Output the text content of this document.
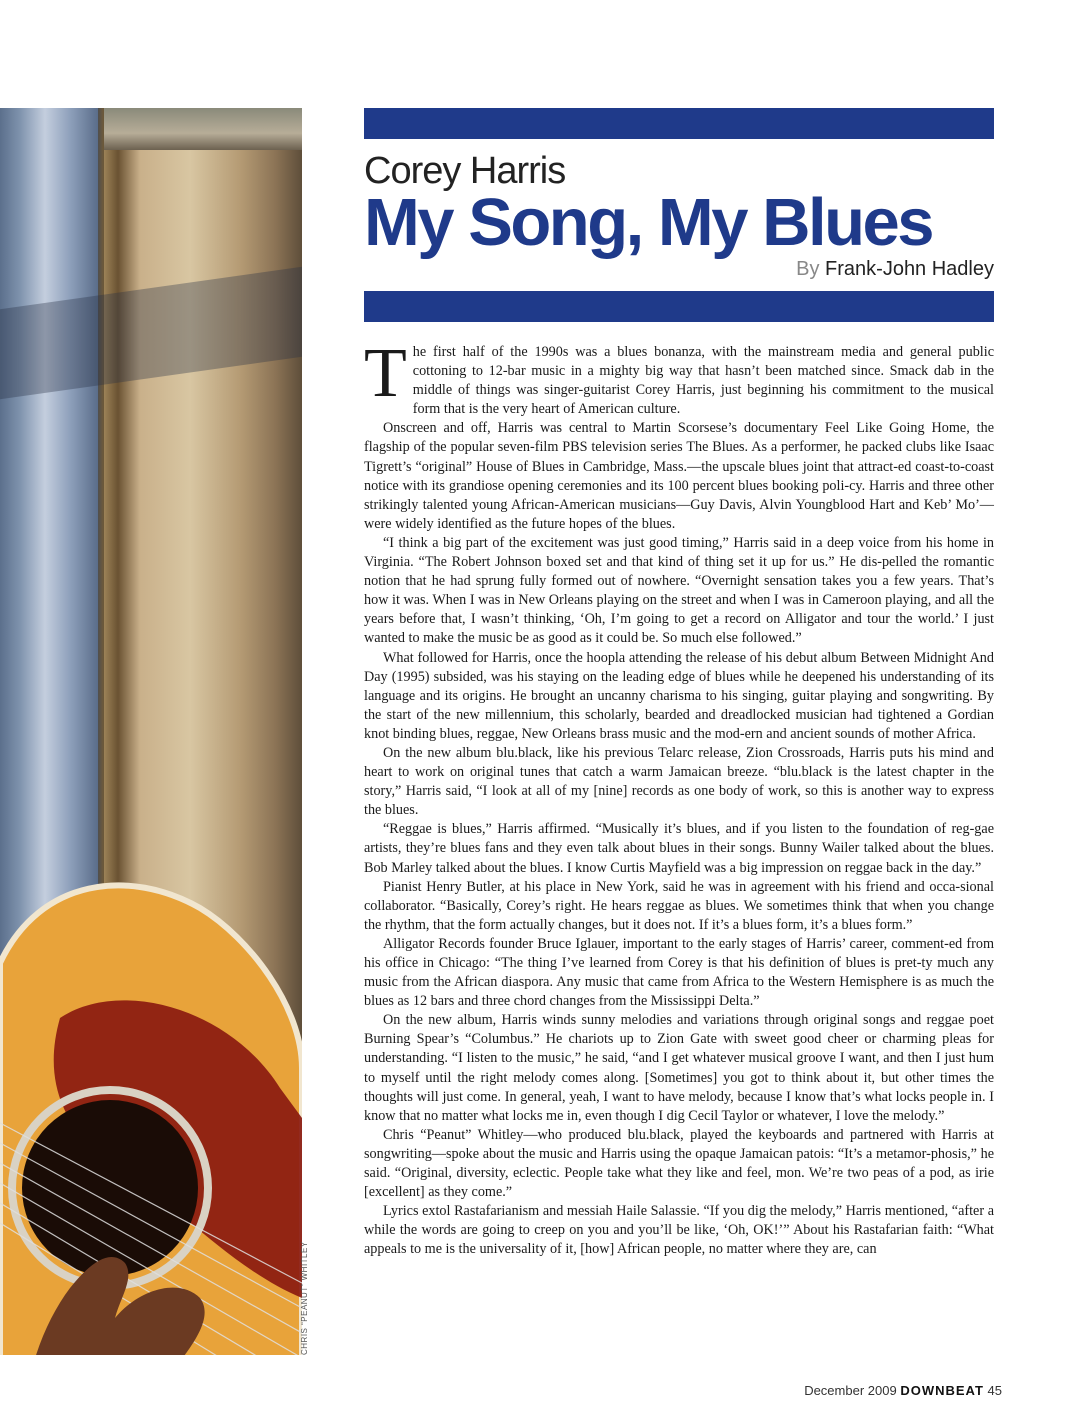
CHRIS “PEANUT” WHITLEY
Corey Harris
My Song, My Blues
By Frank-John Hadley

The first half of the 1990s was a blues bonanza, with the mainstream media and general public cottoning to 12-bar music in a mighty big way that hasn’t been matched since. Smack dab in the middle of things was singer-guitarist Corey Harris, just beginning his commitment to the musical form that is the very heart of American culture.

Onscreen and off, Harris was central to Martin Scorsese’s documentary Feel Like Going Home, the flagship of the popular seven-film PBS television series The Blues. As a performer, he packed clubs like Isaac Tigrett’s “original” House of Blues in Cambridge, Mass.—the upscale blues joint that attract-ed coast-to-coast notice with its grandiose opening ceremonies and its 100 percent blues booking poli-cy. Harris and three other strikingly talented young African-American musicians—Guy Davis, Alvin Youngblood Hart and Keb’ Mo’—were widely identified as the future hopes of the blues.

“I think a big part of the excitement was just good timing,” Harris said in a deep voice from his home in Virginia. “The Robert Johnson boxed set and that kind of thing set it up for us.” He dis-pelled the romantic notion that he had sprung fully formed out of nowhere. “Overnight sensation takes you a few years. That’s how it was. When I was in New Orleans playing on the street and when I was in Cameroon playing, and all the years before that, I wasn’t thinking, ‘Oh, I’m going to get a record on Alligator and tour the world.’ I just wanted to make the music be as good as it could be. So much else followed.”

What followed for Harris, once the hoopla attending the release of his debut album Between Midnight And Day (1995) subsided, was his staying on the leading edge of blues while he deepened his understanding of its language and its origins. He brought an uncanny charisma to his singing, guitar playing and songwriting. By the start of the new millennium, this scholarly, bearded and dreadlocked musician had tightened a Gordian knot binding blues, reggae, New Orleans brass music and the mod-ern and ancient sounds of mother Africa.

On the new album blu.black, like his previous Telarc release, Zion Crossroads, Harris puts his mind and heart to work on original tunes that catch a warm Jamaican breeze. “blu.black is the latest chapter in the story,” Harris said, “I look at all of my [nine] records as one body of work, so this is another way to express the blues.

“Reggae is blues,” Harris affirmed. “Musically it’s blues, and if you listen to the foundation of reg-gae artists, they’re blues fans and they even talk about blues in their songs. Bunny Wailer talked about the blues. Bob Marley talked about the blues. I know Curtis Mayfield was a big impression on reggae back in the day.”

Pianist Henry Butler, at his place in New York, said he was in agreement with his friend and occa-sional collaborator. “Basically, Corey’s right. He hears reggae as blues. We sometimes think that when you change the rhythm, that the form actually changes, but it does not. If it’s a blues form, it’s a blues form.”

Alligator Records founder Bruce Iglauer, important to the early stages of Harris’ career, comment-ed from his office in Chicago: “The thing I’ve learned from Corey is that his definition of blues is pret-ty much any music from the African diaspora. Any music that came from Africa to the Western Hemisphere is as much the blues as 12 bars and three chord changes from the Mississippi Delta.”

On the new album, Harris winds sunny melodies and variations through original songs and reggae poet Burning Spear’s “Columbus.” He chariots up to Zion Gate with sweet good cheer or charming pleas for understanding. “I listen to the music,” he said, “and I get whatever musical groove I want, and then I just hum to myself until the right melody comes along. [Sometimes] you got to think about it, but other times the thoughts will just come. In general, yeah, I want to have melody, because I know that’s what locks people in. I know that no matter what locks me in, even though I dig Cecil Taylor or whatever, I love the melody.”

Chris “Peanut” Whitley—who produced blu.black, played the keyboards and partnered with Harris at songwriting—spoke about the music and Harris using the opaque Jamaican patois: “It’s a metamor-phosis,” he said. “Original, diversity, eclectic. People take what they like and feel, mon. We’re two peas of a pod, as irie [excellent] as they come.”

Lyrics extol Rastafarianism and messiah Haile Salassie. “If you dig the melody,” Harris mentioned, “after a while the words are going to creep on you and you’ll be like, ‘Oh, OK!’” About his Rastafarian faith: “What appeals to me is the universality of it, [how] African people, no matter where they are, can

December 2009 DOWNBEAT 45
